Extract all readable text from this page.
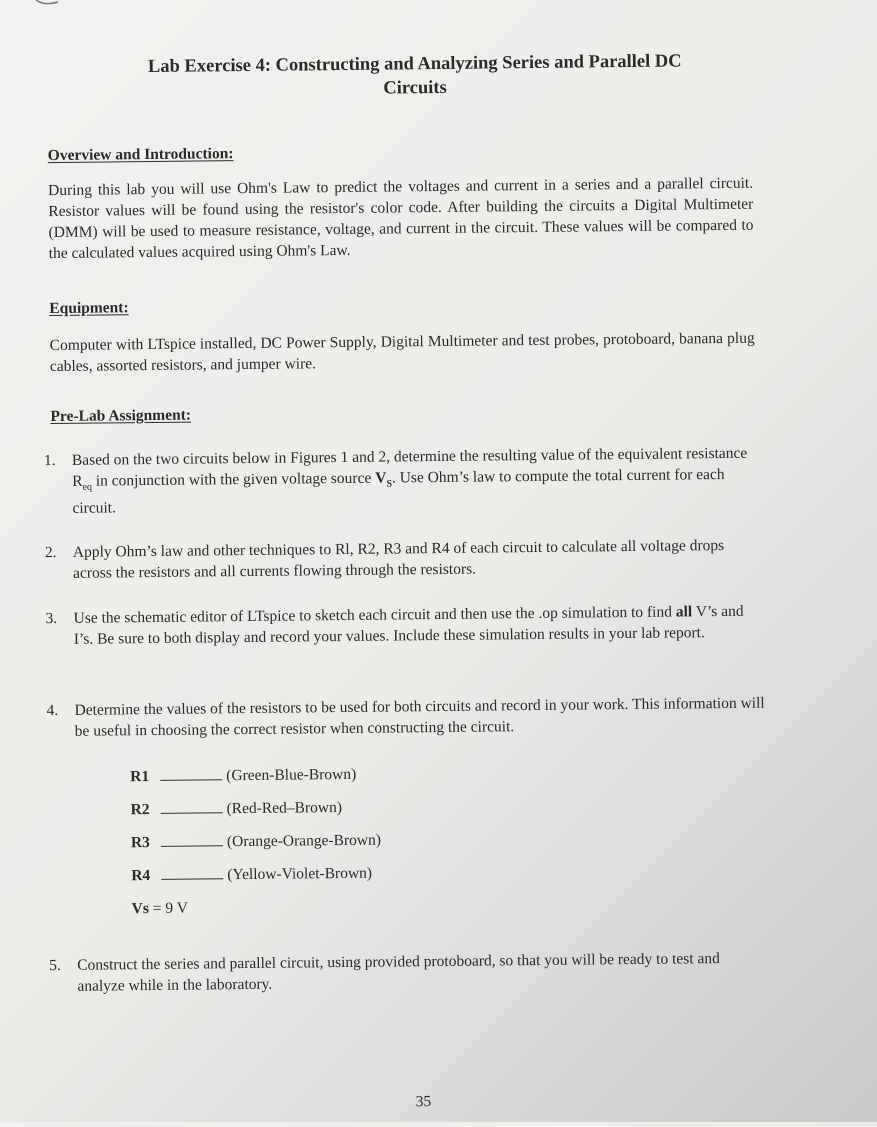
Lab Exercise 4: Constructing and Analyzing Series and Parallel DC
Circuits
Overview and Introduction:
During this lab you will use Ohm's Law to predict the voltages and current in a series and a parallel circuit. Resistor values will be found using the resistor's color code. After building the circuits a Digital Multimeter (DMM) will be used to measure resistance, voltage, and current in the circuit. These values will be compared to the calculated values acquired using Ohm's Law.
Equipment:
Computer with LTspice installed, DC Power Supply, Digital Multimeter and test probes, protoboard, banana plug cables, assorted resistors, and jumper wire.
Pre-Lab Assignment:
1.	Based on the two circuits below in Figures 1 and 2, determine the resulting value of the equivalent resistance $R_{eq}$ in conjunction with the given voltage source $V_S$. Use Ohm’s law to compute the total current for each circuit.
2.	Apply Ohm’s law and other techniques to Rl, R2, R3 and R4 of each circuit to calculate all voltage drops across the resistors and all currents flowing through the resistors.
3.	Use the schematic editor of LTspice to sketch each circuit and then use the .op simulation to find all V’s and I’s. Be sure to both display and record your values. Include these simulation results in your lab report.
4.	Determine the values of the resistors to be used for both circuits and record in your work. This information will be useful in choosing the correct resistor when constructing the circuit.
R1	(Green-Blue-Brown)
R2	(Red-Red–Brown)
R3	(Orange-Orange-Brown)
R4	(Yellow-Violet-Brown)
Vs = 9 V
5.	Construct the series and parallel circuit, using provided protoboard, so that you will be ready to test and analyze while in the laboratory.
35
